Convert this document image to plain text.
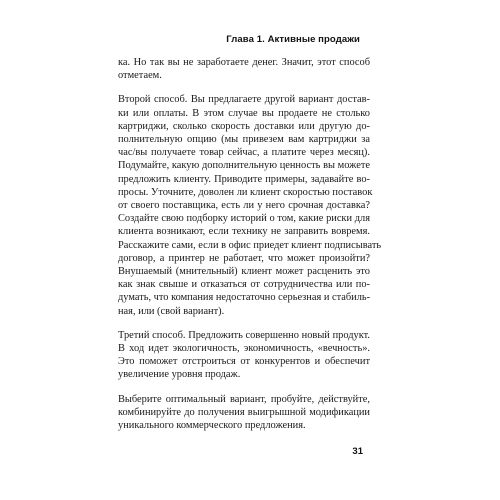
Глава 1. Активные продажи

ка. Но так вы не заработаете денег. Значит, этот способ
отметаем.

Второй способ. Вы предлагаете другой вариант достав-
ки или оплаты. В этом случае вы продаете не столько
картриджи, сколько скорость доставки или другую до-
полнительную опцию (мы привезем вам картриджи за
час/вы получаете товар сейчас, а платите через месяц).
Подумайте, какую дополнительную ценность вы можете
предложить клиенту. Приводите примеры, задавайте во-
просы. Уточните, доволен ли клиент скоростью поставок
от своего поставщика, есть ли у него срочная доставка?
Создайте свою подборку историй о том, какие риски для
клиента возникают, если технику не заправить вовремя.
Расскажите сами, если в офис приедет клиент подписывать
договор, а принтер не работает, что может произойти?
Внушаемый (мнительный) клиент может расценить это
как знак свыше и отказаться от сотрудничества или по-
думать, что компания недостаточно серьезная и стабиль-
ная, или (свой вариант).

Третий способ. Предложить совершенно новый продукт.
В ход идет экологичность, экономичность, «вечность».
Это поможет отстроиться от конкурентов и обеспечит
увеличение уровня продаж.

Выберите оптимальный вариант, пробуйте, действуйте,
комбинируйте до получения выигрышной модификации
уникального коммерческого предложения.

31
